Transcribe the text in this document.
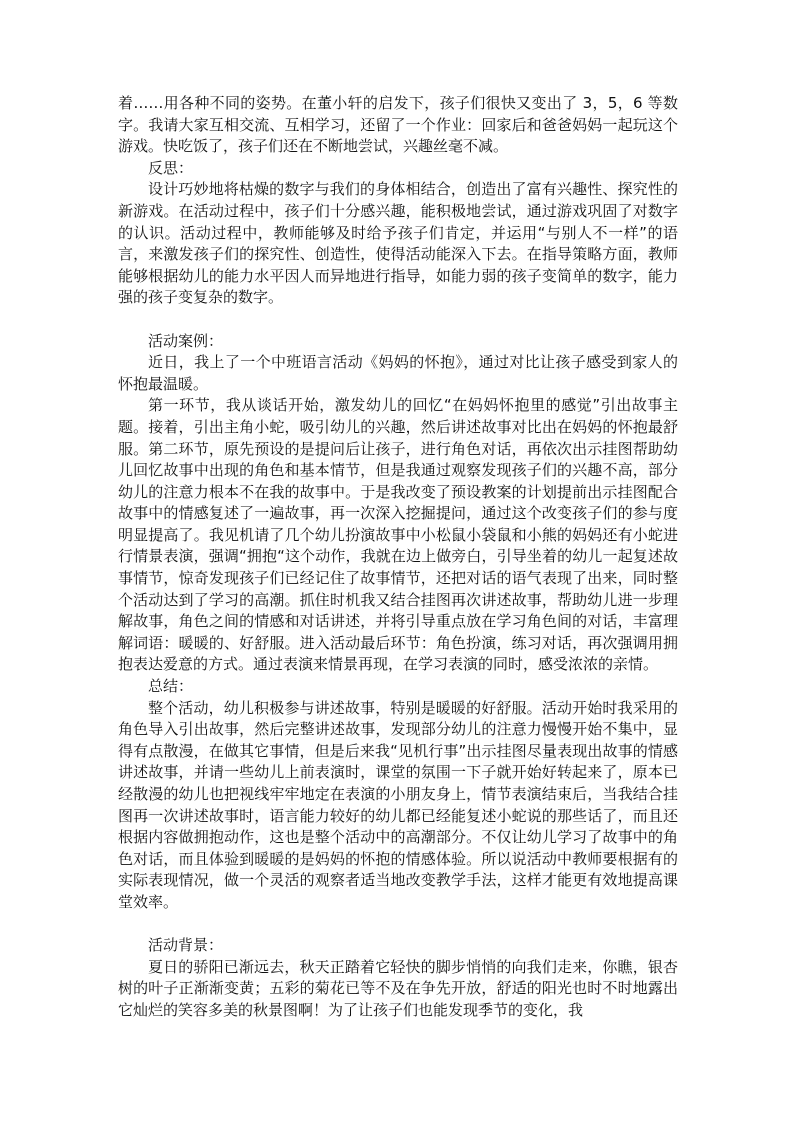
着……用各种不同的姿势。在董小轩的启发下，孩子们很快又变出了 3，5，6 等数字。我请大家互相交流、互相学习，还留了一个作业：回家后和爸爸妈妈一起玩这个游戏。快吃饭了，孩子们还在不断地尝试，兴趣丝毫不减。

反思：

设计巧妙地将枯燥的数字与我们的身体相结合，创造出了富有兴趣性、探究性的新游戏。在活动过程中，孩子们十分感兴趣，能积极地尝试，通过游戏巩固了对数字的认识。活动过程中，教师能够及时给予孩子们肯定，并运用“与别人不一样”的语言，来激发孩子们的探究性、创造性，使得活动能深入下去。在指导策略方面，教师能够根据幼儿的能力水平因人而异地进行指导，如能力弱的孩子变简单的数字，能力强的孩子变复杂的数字。

活动案例：

近日，我上了一个中班语言活动《妈妈的怀抱》，通过对比让孩子感受到家人的怀抱最温暖。

第一环节，我从谈话开始，激发幼儿的回忆“在妈妈怀抱里的感觉”引出故事主题。接着，引出主角小蛇，吸引幼儿的兴趣，然后讲述故事对比出在妈妈的怀抱最舒服。第二环节，原先预设的是提问后让孩子，进行角色对话，再依次出示挂图帮助幼儿回忆故事中出现的角色和基本情节，但是我通过观察发现孩子们的兴趣不高，部分幼儿的注意力根本不在我的故事中。于是我改变了预设教案的计划提前出示挂图配合故事中的情感复述了一遍故事，再一次深入挖掘提问，通过这个改变孩子们的参与度明显提高了。我见机请了几个幼儿扮演故事中小松鼠小袋鼠和小熊的妈妈还有小蛇进行情景表演，强调“拥抱“这个动作，我就在边上做旁白，引导坐着的幼儿一起复述故事情节，惊奇发现孩子们已经记住了故事情节，还把对话的语气表现了出来，同时整个活动达到了学习的高潮。抓住时机我又结合挂图再次讲述故事，帮助幼儿进一步理解故事，角色之间的情感和对话讲述，并将引导重点放在学习角色间的对话，丰富理解词语：暖暖的、好舒服。进入活动最后环节：角色扮演，练习对话，再次强调用拥抱表达爱意的方式。通过表演来情景再现，在学习表演的同时，感受浓浓的亲情。

总结：

整个活动，幼儿积极参与讲述故事，特别是暖暖的好舒服。活动开始时我采用的角色导入引出故事，然后完整讲述故事，发现部分幼儿的注意力慢慢开始不集中，显得有点散漫，在做其它事情，但是后来我“见机行事”出示挂图尽量表现出故事的情感讲述故事，并请一些幼儿上前表演时，课堂的氛围一下子就开始好转起来了，原本已经散漫的幼儿也把视线牢牢地定在表演的小朋友身上，情节表演结束后，当我结合挂图再一次讲述故事时，语言能力较好的幼儿都已经能复述小蛇说的那些话了，而且还根据内容做拥抱动作，这也是整个活动中的高潮部分。不仅让幼儿学习了故事中的角色对话，而且体验到暖暖的是妈妈的怀抱的情感体验。所以说活动中教师要根据有的实际表现情况，做一个灵活的观察者适当地改变教学手法，这样才能更有效地提高课堂效率。

活动背景：

夏日的骄阳已渐远去，秋天正踏着它轻快的脚步悄悄的向我们走来，你瞧，银杏树的叶子正渐渐变黄；五彩的菊花已等不及在争先开放，舒适的阳光也时不时地露出它灿烂的笑容多美的秋景图啊！为了让孩子们也能发现季节的变化，我
